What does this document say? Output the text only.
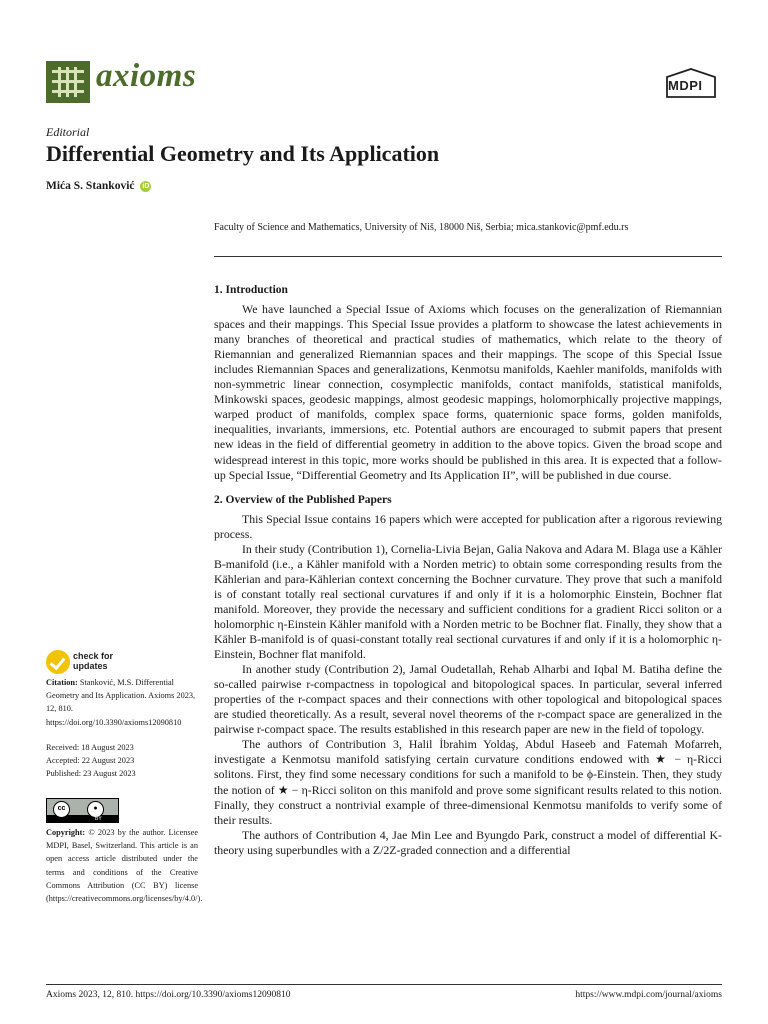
axioms	MDPI
Editorial
Differential Geometry and Its Application
Mića S. Stanković iD
Faculty of Science and Mathematics, University of Niš, 18000 Niš, Serbia; mica.stankovic@pmf.edu.rs
1. Introduction

We have launched a Special Issue of Axioms which focuses on the generalization of Riemannian spaces and their mappings. This Special Issue provides a platform to showcase the latest achievements in many branches of theoretical and practical studies of mathematics, which relate to the theory of Riemannian and generalized Riemannian spaces and their mappings. The scope of this Special Issue includes Riemannian Spaces and generalizations, Kenmotsu manifolds, Kaehler manifolds, manifolds with non-symmetric linear connection, cosymplectic manifolds, contact manifolds, statistical manifolds, Minkowski spaces, geodesic mappings, almost geodesic mappings, holomorphically projective mappings, warped product of manifolds, complex space forms, quaternionic space forms, golden manifolds, inequalities, invariants, immersions, etc. Potential authors are encouraged to submit papers that present new ideas in the field of differential geometry in addition to the above topics. Given the broad scope and widespread interest in this topic, more works should be published in this area. It is expected that a follow-up Special Issue, “Differential Geometry and Its Application II”, will be published in due course.

2. Overview of the Published Papers

This Special Issue contains 16 papers which were accepted for publication after a rigorous reviewing process.

In their study (Contribution 1), Cornelia-Livia Bejan, Galia Nakova and Adara M. Blaga use a Kähler B-manifold (i.e., a Kähler manifold with a Norden metric) to obtain some corresponding results from the Kählerian and para-Kählerian context concerning the Bochner curvature. They prove that such a manifold is of constant totally real sectional curvatures if and only if it is a holomorphic Einstein, Bochner flat manifold. Moreover, they provide the necessary and sufficient conditions for a gradient Ricci soliton or a holomorphic η-Einstein Kähler manifold with a Norden metric to be Bochner flat. Finally, they show that a Kähler B-manifold is of quasi-constant totally real sectional curvatures if and only if it is a holomorphic η-Einstein, Bochner flat manifold.

In another study (Contribution 2), Jamal Oudetallah, Rehab Alharbi and Iqbal M. Batiha define the so-called pairwise r-compactness in topological and bitopological spaces. In particular, several inferred properties of the r-compact spaces and their connections with other topological and bitopological spaces are studied theoretically. As a result, several novel theorems of the r-compact space are generalized in the pairwise r-compact space. The results established in this research paper are new in the field of topology.

The authors of Contribution 3, Halil İbrahim Yoldaş, Abdul Haseeb and Fatemah Mofarreh, investigate a Kenmotsu manifold satisfying certain curvature conditions endowed with ★ − η-Ricci solitons. First, they find some necessary conditions for such a manifold to be ϕ-Einstein. Then, they study the notion of ★ − η-Ricci soliton on this manifold and prove some significant results related to this notion. Finally, they construct a nontrivial example of three-dimensional Kenmotsu manifolds to verify some of their results.

The authors of Contribution 4, Jae Min Lee and Byungdo Park, construct a model of differential K-theory using superbundles with a Z/2Z-graded connection and a differential

check for
updates
Citation: Stanković, M.S. Differential Geometry and Its Application. Axioms 2023, 12, 810. https://doi.org/10.3390/axioms12090810
Received: 18 August 2023
Accepted: 22 August 2023
Published: 23 August 2023
cc	●
BY
Copyright: © 2023 by the author. Licensee MDPI, Basel, Switzerland. This article is an open access article distributed under the terms and conditions of the Creative Commons Attribution (CC BY) license (https://creativecommons.org/licenses/by/4.0/).
Axioms 2023, 12, 810. https://doi.org/10.3390/axioms12090810	https://www.mdpi.com/journal/axioms
